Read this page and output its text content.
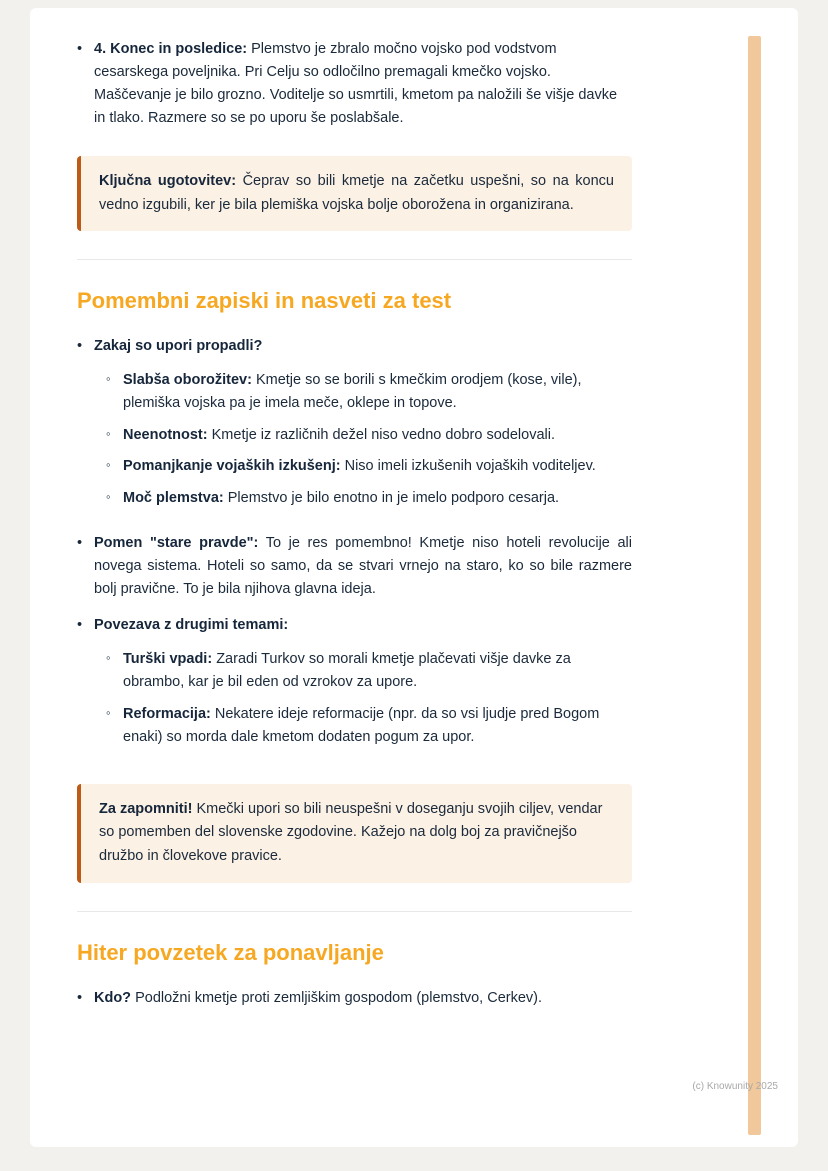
• 4. Konec in posledice: Plemstvo je zbralo močno vojsko pod vodstvom cesarskega poveljnika. Pri Celju so odločilno premagali kmečko vojsko. Maščevanje je bilo grozno. Voditelje so usmrtili, kmetom pa naložili še višje davke in tlako. Razmere so se po uporu še poslabšale.

Ključna ugotovitev: Čeprav so bili kmetje na začetku uspešni, so na koncu vedno izgubili, ker je bila plemiška vojska bolje oborožena in organizirana.

Pomembni zapiski in nasveti za test
• Zakaj so upori propadli?

◦ Slabša oborožitev: Kmetje so se borili s kmečkim orodjem (kose, vile), plemiška vojska pa je imela meče, oklepe in topove.

◦ Neenotnost: Kmetje iz različnih dežel niso vedno dobro sodelovali.

◦ Pomanjkanje vojaških izkušenj: Niso imeli izkušenih vojaških voditeljev.

◦ Moč plemstva: Plemstvo je bilo enotno in je imelo podporo cesarja.

• Pomen "stare pravde": To je res pomembno! Kmetje niso hoteli revolucije ali novega sistema. Hoteli so samo, da se stvari vrnejo na staro, ko so bile razmere bolj pravične. To je bila njihova glavna ideja.

• Povezava z drugimi temami:

◦ Turški vpadi: Zaradi Turkov so morali kmetje plačevati višje davke za obrambo, kar je bil eden od vzrokov za upore.

◦ Reformacija: Nekatere ideje reformacije (npr. da so vsi ljudje pred Bogom enaki) so morda dale kmetom dodaten pogum za upor.

Za zapomniti! Kmečki upori so bili neuspešni v doseganju svojih ciljev, vendar so pomemben del slovenske zgodovine. Kažejo na dolg boj za pravičnejšo družbo in človekove pravice.

Hiter povzetek za ponavljanje
• Kdo? Podložni kmetje proti zemljiškim gospodom (plemstvo, Cerkev).

(c) Knowunity 2025
